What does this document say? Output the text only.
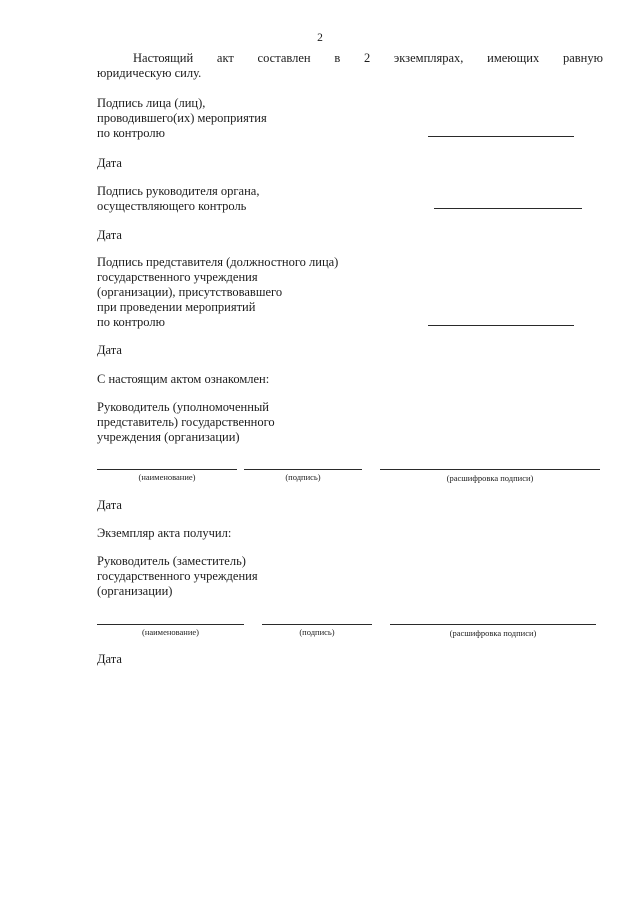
2
Настоящий акт составлен в 2 экземплярах, имеющих равную
юридическую силу.
Подпись лица (лиц),
проводившего(их) мероприятия
по контролю
Дата
Подпись руководителя органа,
осуществляющего контроль
Дата
Подпись представителя (должностного лица)
государственного учреждения
(организации), присутствовавшего
при проведении мероприятий
по контролю
Дата
С настоящим актом ознакомлен:
Руководитель (уполномоченный
представитель) государственного
учреждения (организации)
(наименование)	(подпись)	(расшифровка подписи)
Дата
Экземпляр акта получил:
Руководитель (заместитель)
государственного учреждения
(организации)
(наименование)	(подпись)	(расшифровка подписи)
Дата
